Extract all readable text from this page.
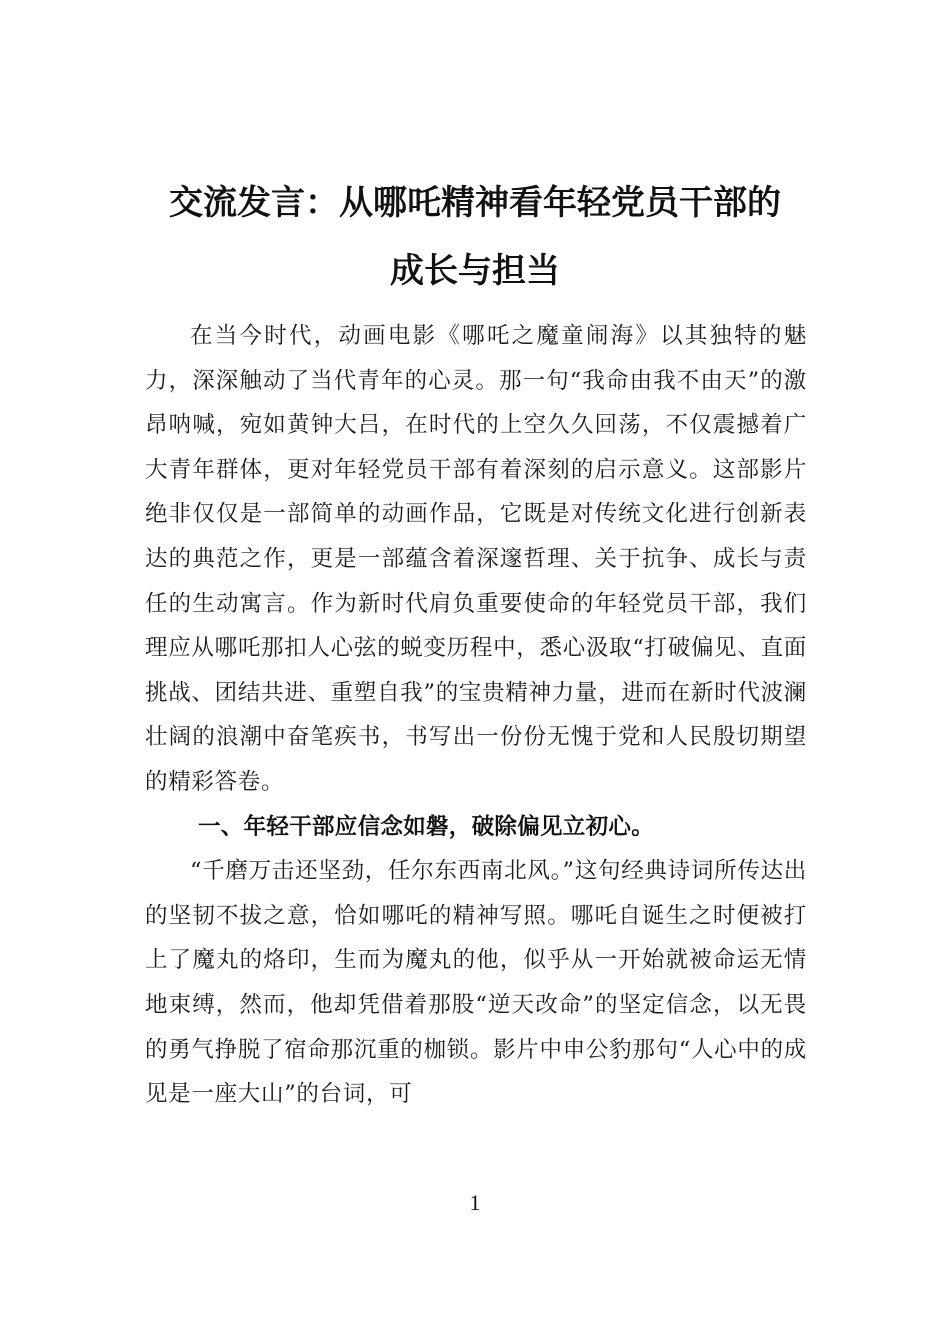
交流发言：从哪吒精神看年轻党员干部的
成长与担当

在当今时代，动画电影《哪吒之魔童闹海》以其独特的魅力，深深触动了当代青年的心灵。那一句“我命由我不由天”的激昂呐喊，宛如黄钟大吕，在时代的上空久久回荡，不仅震撼着广大青年群体，更对年轻党员干部有着深刻的启示意义。这部影片绝非仅仅是一部简单的动画作品，它既是对传统文化进行创新表达的典范之作，更是一部蕴含着深邃哲理、关于抗争、成长与责任的生动寓言。作为新时代肩负重要使命的年轻党员干部，我们理应从哪吒那扣人心弦的蜕变历程中，悉心汲取“打破偏见、直面挑战、团结共进、重塑自我”的宝贵精神力量，进而在新时代波澜壮阔的浪潮中奋笔疾书，书写出一份份无愧于党和人民殷切期望的精彩答卷。

一、年轻干部应信念如磐，破除偏见立初心。

“千磨万击还坚劲，任尔东西南北风。”这句经典诗词所传达出的坚韧不拔之意，恰如哪吒的精神写照。哪吒自诞生之时便被打上了魔丸的烙印，生而为魔丸的他，似乎从一开始就被命运无情地束缚，然而，他却凭借着那股“逆天改命”的坚定信念，以无畏的勇气挣脱了宿命那沉重的枷锁。影片中申公豹那句“人心中的成见是一座大山”的台词，可

1
